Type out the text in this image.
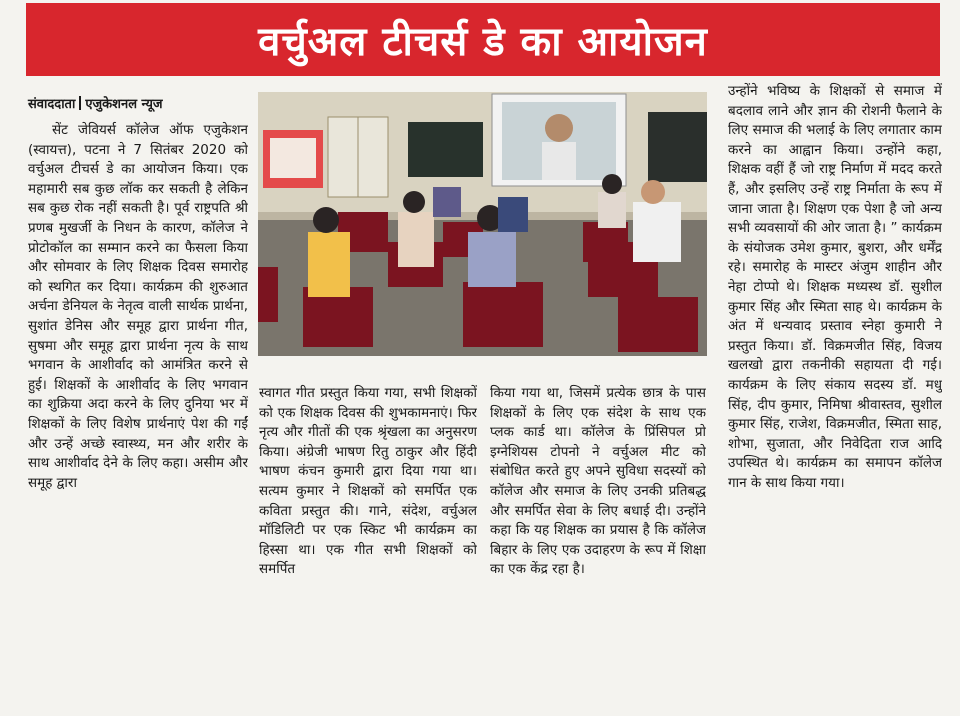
वर्चुअल टीचर्स डे का आयोजन
संवाददाता एजुकेशनल न्यूज

सेंट जेवियर्स कॉलेज ऑफ एजुकेशन (स्वायत्त), पटना ने 7 सितंबर 2020 को वर्चुअल टीचर्स डे का आयोजन किया। एक महामारी सब कुछ लॉक कर सकती है लेकिन सब कुछ रोक नहीं सकती है। पूर्व राष्ट्रपति श्री प्रणब मुखर्जी के निधन के कारण, कॉलेज ने प्रोटोकॉल का सम्मान करने का फैसला किया और सोमवार के लिए शिक्षक दिवस समारोह को स्थगित कर दिया। कार्यक्रम की शुरुआत अर्चना डेनियल के नेतृत्व वाली सार्थक प्रार्थना, सुशांत डेनिस और समूह द्वारा प्रार्थना गीत, सुषमा और समूह द्वारा प्रार्थना नृत्य के साथ भगवान के आशीर्वाद को आमंत्रित करने से हुई। शिक्षकों के आशीर्वाद के लिए भगवान का शुक्रिया अदा करने के लिए दुनिया भर में शिक्षकों के लिए विशेष प्रार्थनाएं पेश की गईं और उन्हें अच्छे स्वास्थ्य, मन और शरीर के साथ आशीर्वाद देने के लिए कहा। असीम और समूह द्वारा

स्वागत गीत प्रस्तुत किया गया, सभी शिक्षकों को एक शिक्षक दिवस की शुभकामनाएं। फिर नृत्य और गीतों की एक श्रृंखला का अनुसरण किया। अंग्रेजी भाषण रितु ठाकुर और हिंदी भाषण कंचन कुमारी द्वारा दिया गया था। सत्यम कुमार ने शिक्षकों को समर्पित एक कविता प्रस्तुत की। गाने, संदेश, वर्चुअल मॉडिलिटी पर एक स्किट भी कार्यक्रम का हिस्सा था। एक गीत सभी शिक्षकों को समर्पित

किया गया था, जिसमें प्रत्येक छात्र के पास शिक्षकों के लिए एक संदेश के साथ एक प्लक कार्ड था। कॉलेज के प्रिंसिपल प्रो इग्नेशियस टोपनो ने वर्चुअल मीट को संबोधित करते हुए अपने सुविधा सदस्यों को कॉलेज और समाज के लिए उनकी प्रतिबद्ध और समर्पित सेवा के लिए बधाई दी। उन्होंने कहा कि यह शिक्षक का प्रयास है कि कॉलेज बिहार के लिए एक उदाहरण के रूप में शिक्षा का एक केंद्र रहा है।

उन्होंने भविष्य के शिक्षकों से समाज में बदलाव लाने और ज्ञान की रोशनी फैलाने के लिए समाज की भलाई के लिए लगातार काम करने का आह्वान किया। उन्होंने कहा, शिक्षक वहीं हैं जो राष्ट्र निर्माण में मदद करते हैं, और इसलिए उन्हें राष्ट्र निर्माता के रूप में जाना जाता है। शिक्षण एक पेशा है जो अन्य सभी व्यवसायों की ओर जाता है। ” कार्यक्रम के संयोजक उमेश कुमार, बुशरा, और धर्मेंद्र रहे। समारोह के मास्टर अंजुम शाहीन और नेहा टोप्पो थे। शिक्षक मध्यस्थ डॉ. सुशील कुमार सिंह और स्मिता साह थे। कार्यक्रम के अंत में धन्यवाद प्रस्ताव स्नेहा कुमारी ने प्रस्तुत किया। डॉ. विक्रमजीत सिंह, विजय खलखो द्वारा तकनीकी सहायता दी गई। कार्यक्रम के लिए संकाय सदस्य डॉ. मधु सिंह, दीप कुमार, निमिषा श्रीवास्तव, सुशील कुमार सिंह, राजेश, विक्रमजीत, स्मिता साह, शोभा, सुजाता, और निवेदिता राज आदि उपस्थित थे। कार्यक्रम का समापन कॉलेज गान के साथ किया गया।
